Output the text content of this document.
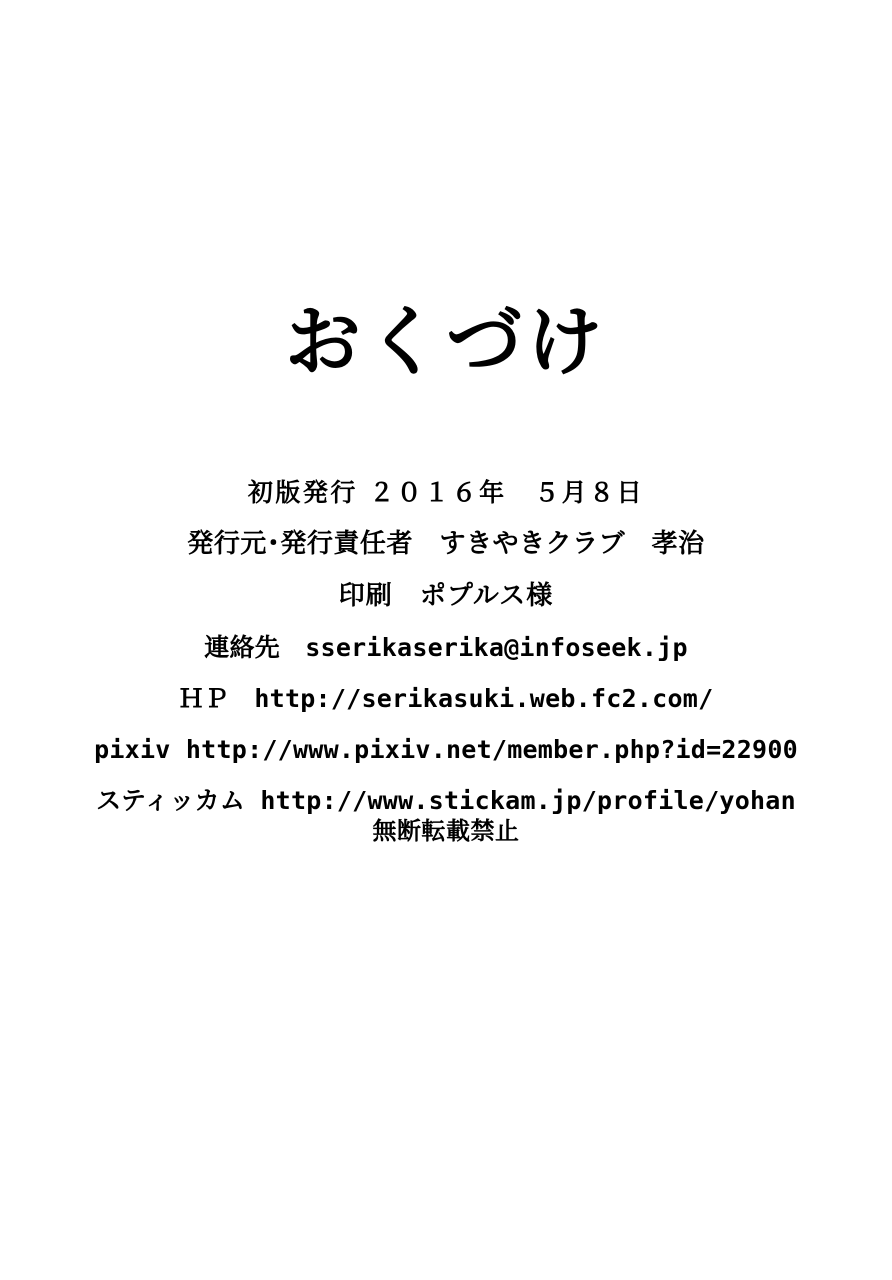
おくづけ
初版発行 ２０１６年　５月８日
発行元･発行責任者　すきやきクラブ　孝治
印刷　ポプルス様
連絡先　sserikaserika@infoseek.jp
ＨＰ　http://serikasuki.web.fc2.com/
pixiv http://www.pixiv.net/member.php?id=22900
スティッカム http://www.stickam.jp/profile/yohan
無断転載禁止
